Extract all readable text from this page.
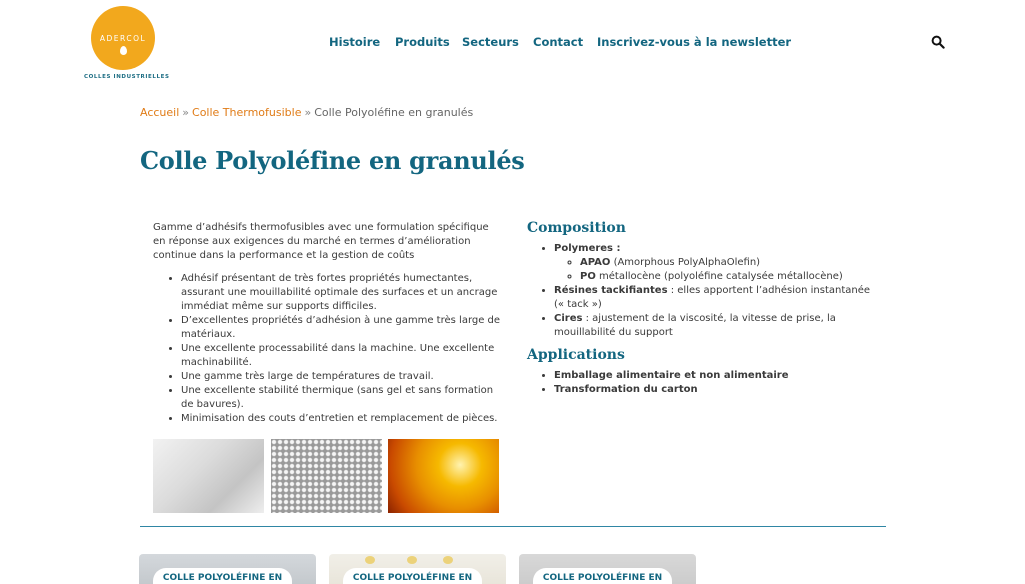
ADERCOL
COLLES INDUSTRIELLES
Histoire Produits Secteurs Contact Inscrivez-vous à la newsletter
Accueil » Colle Thermofusible » Colle Polyoléfine en granulés
Colle Polyoléfine en granulés

Gamme d’adhésifs thermofusibles avec une formulation spécifique en réponse aux exigences du marché en termes d’amélioration continue dans la performance et la gestion de coûts

• Adhésif présentant de très fortes propriétés humectantes, assurant une mouillabilité optimale des surfaces et un ancrage immédiat même sur supports difficiles.
• D’excellentes propriétés d’adhésion à une gamme très large de matériaux.
• Une excellente processabilité dans la machine. Une excellente machinabilité.
• Une gamme très large de températures de travail.
• Une excellente stabilité thermique (sans gel et sans formation de bavures).
• Minimisation des couts d’entretien et remplacement de pièces.
Composition
• Polymeres :
◦ APAO (Amorphous PolyAlphaOlefin)
◦ PO métallocène (polyoléfine catalysée métallocène)
• Résines tackifiantes : elles apportent l’adhésion instantanée (« tack »)
• Cires : ajustement de la viscosité, la vitesse de prise, la mouillabilité du support
Applications
• Emballage alimentaire et non alimentaire
• Transformation du carton
COLLE POLYOLÉFINE EN	COLLE POLYOLÉFINE EN	COLLE POLYOLÉFINE EN
